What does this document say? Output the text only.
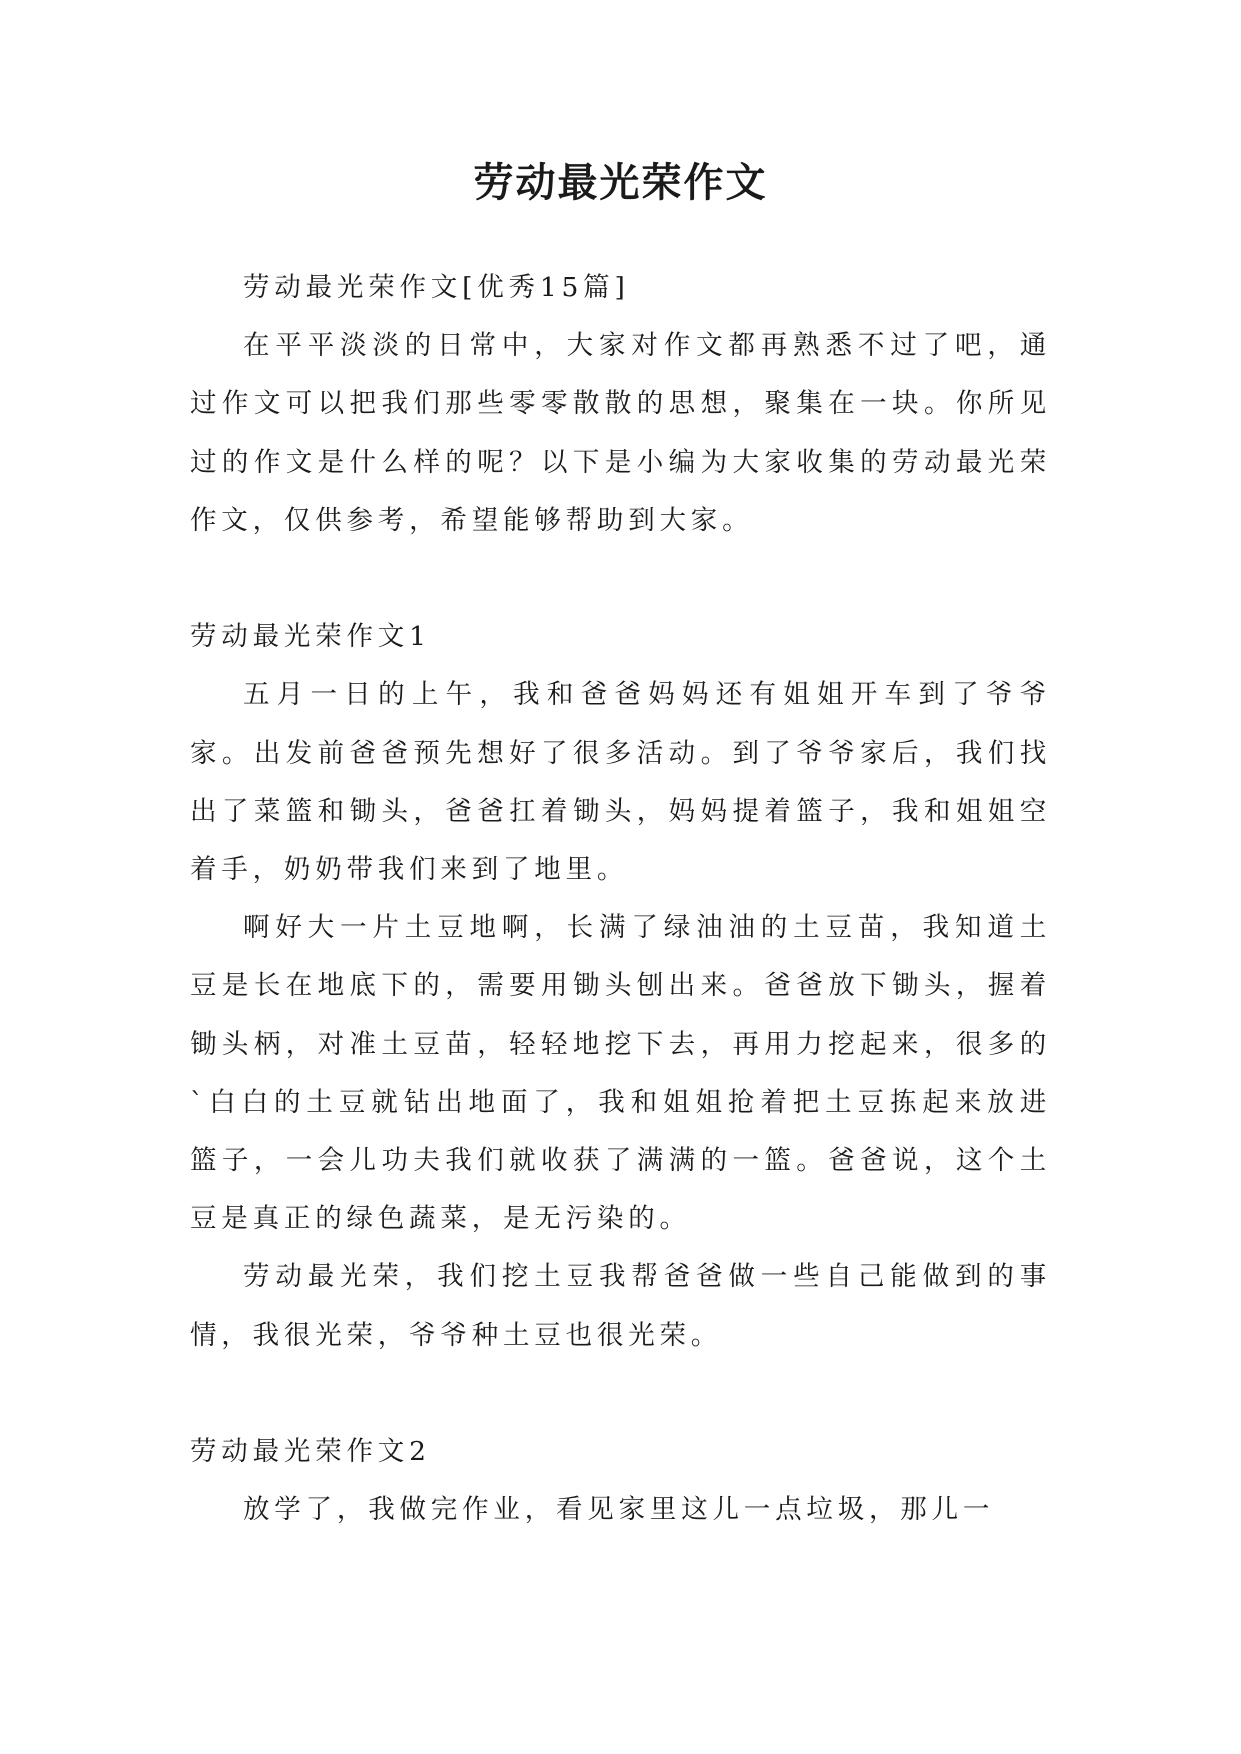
劳动最光荣作文

劳动最光荣作文[优秀15篇]

在平平淡淡的日常中，大家对作文都再熟悉不过了吧，通过作文可以把我们那些零零散散的思想，聚集在一块。你所见过的作文是什么样的呢？以下是小编为大家收集的劳动最光荣作文，仅供参考，希望能够帮助到大家。

劳动最光荣作文1

五月一日的上午，我和爸爸妈妈还有姐姐开车到了爷爷家。出发前爸爸预先想好了很多活动。到了爷爷家后，我们找出了菜篮和锄头，爸爸扛着锄头，妈妈提着篮子，我和姐姐空着手，奶奶带我们来到了地里。

啊好大一片土豆地啊，长满了绿油油的土豆苗，我知道土豆是长在地底下的，需要用锄头刨出来。爸爸放下锄头，握着锄头柄，对准土豆苗，轻轻地挖下去，再用力挖起来，很多的`白白的土豆就钻出地面了，我和姐姐抢着把土豆拣起来放进篮子，一会儿功夫我们就收获了满满的一篮。爸爸说，这个土豆是真正的绿色蔬菜，是无污染的。

劳动最光荣，我们挖土豆我帮爸爸做一些自己能做到的事情，我很光荣，爷爷种土豆也很光荣。

劳动最光荣作文2

放学了，我做完作业，看见家里这儿一点垃圾，那儿一
